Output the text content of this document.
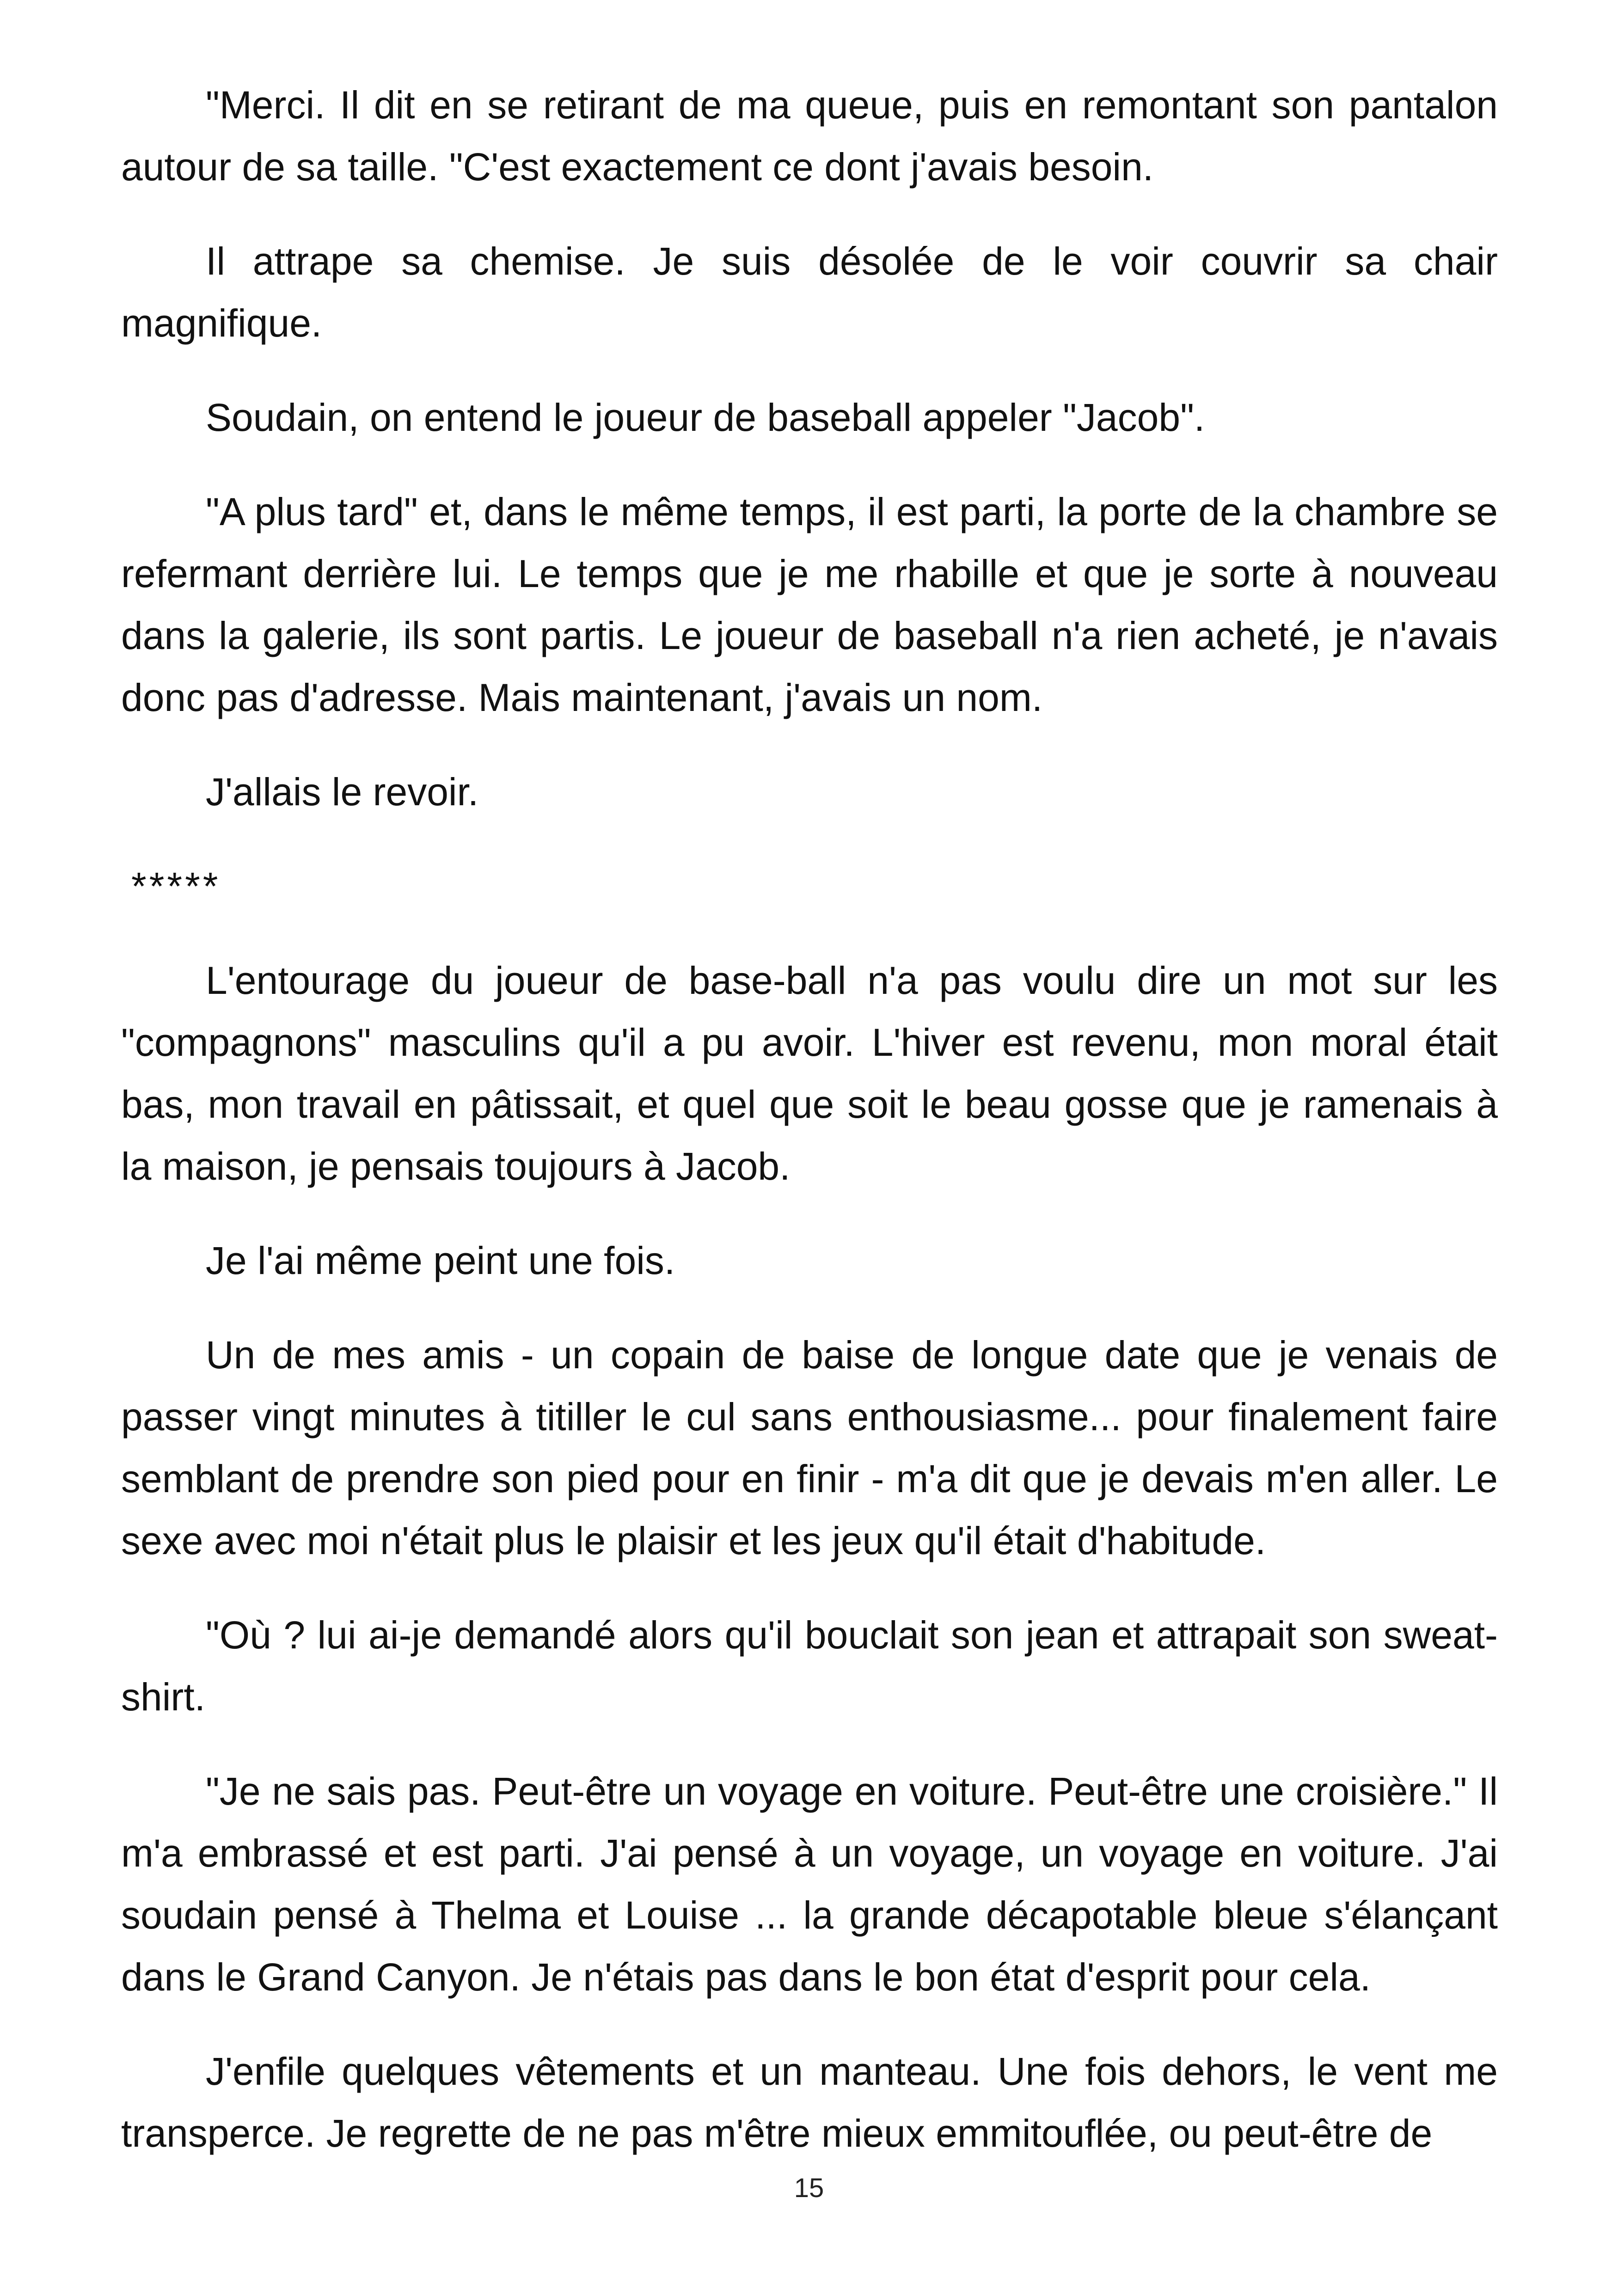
"Merci. Il dit en se retirant de ma queue, puis en remontant son pantalon autour de sa taille. "C'est exactement ce dont j'avais besoin.

Il attrape sa chemise. Je suis désolée de le voir couvrir sa chair magnifique.

Soudain, on entend le joueur de baseball appeler "Jacob".

"A plus tard" et, dans le même temps, il est parti, la porte de la chambre se refermant derrière lui. Le temps que je me rhabille et que je sorte à nouveau dans la galerie, ils sont partis. Le joueur de baseball n'a rien acheté, je n'avais donc pas d'adresse. Mais maintenant, j'avais un nom.

J'allais le revoir.

*****

L'entourage du joueur de base-ball n'a pas voulu dire un mot sur les "compagnons" masculins qu'il a pu avoir. L'hiver est revenu, mon moral était bas, mon travail en pâtissait, et quel que soit le beau gosse que je ramenais à la maison, je pensais toujours à Jacob.

Je l'ai même peint une fois.

Un de mes amis - un copain de baise de longue date que je venais de passer vingt minutes à titiller le cul sans enthousiasme... pour finalement faire semblant de prendre son pied pour en finir - m'a dit que je devais m'en aller. Le sexe avec moi n'était plus le plaisir et les jeux qu'il était d'habitude.

"Où ? lui ai-je demandé alors qu'il bouclait son jean et attrapait son sweat-shirt.

"Je ne sais pas. Peut-être un voyage en voiture. Peut-être une croisière." Il m'a embrassé et est parti. J'ai pensé à un voyage, un voyage en voiture. J'ai soudain pensé à Thelma et Louise ... la grande décapotable bleue s'élançant dans le Grand Canyon. Je n'étais pas dans le bon état d'esprit pour cela.

J'enfile quelques vêtements et un manteau. Une fois dehors, le vent me transperce. Je regrette de ne pas m'être mieux emmitouflée, ou peut-être de

15
